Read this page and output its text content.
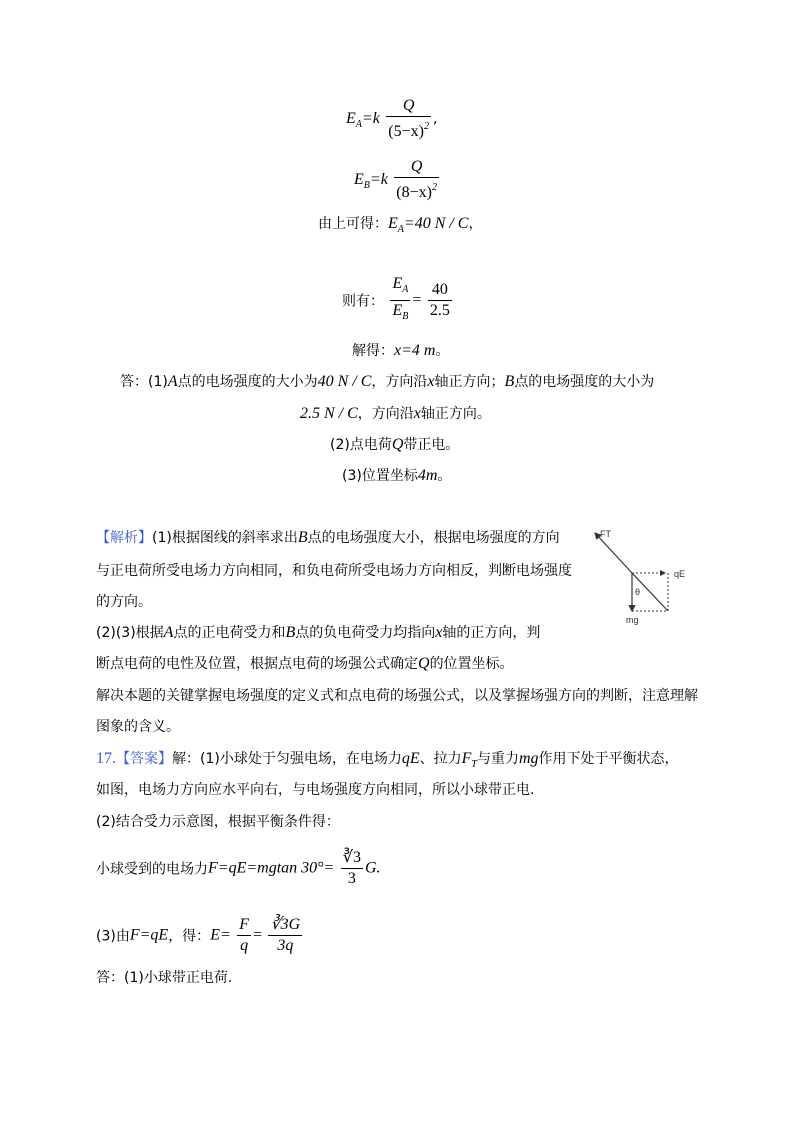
$E_A=k \frac{Q}{(5-x)^2}$ ,
$E_B=k \frac{Q}{(8-x)^2}$
由上可得：$E_A=40$ N / C，
则有： $\frac{E_A}{E_B} = \frac{40}{2.5}$
解得：x=4 m。
答：(1)A点的电场强度的大小为40 N / C，方向沿x轴正方向；B点的电场强度的大小为
2.5 N / C，方向沿x轴正方向。
(2)点电荷Q带正电。
(3)位置坐标4m。
【解析】(1)根据图线的斜率求出B点的电场强度大小，根据电场强度的方向
与正电荷所受电场力方向相同，和负电荷所受电场力方向相反，判断电场强度
的方向。
(2)(3)根据A点的正电荷受力和B点的负电荷受力均指向x轴的正方向，判
断点电荷的电性及位置，根据点电荷的场强公式确定Q的位置坐标。
解决本题的关键掌握电场强度的定义式和点电荷的场强公式，以及掌握场强方向的判断，注意理解
图象的含义。
FT
qE
θ
mg
17.【答案】解：(1)小球处于匀强电场，在电场力qE、拉力$F_T$与重力mg作用下处于平衡状态，
如图，电场力方向应水平向右，与电场强度方向相同，所以小球带正电.
(2)结合受力示意图，根据平衡条件得：
小球受到的电场力F=qE=mgtan $30^\circ= \frac{∛3}{3} G$.
(3)由F=qE，得：$E= \frac{F}{q} = \frac{∛3G}{3q}$
答：(1)小球带正电荷.
